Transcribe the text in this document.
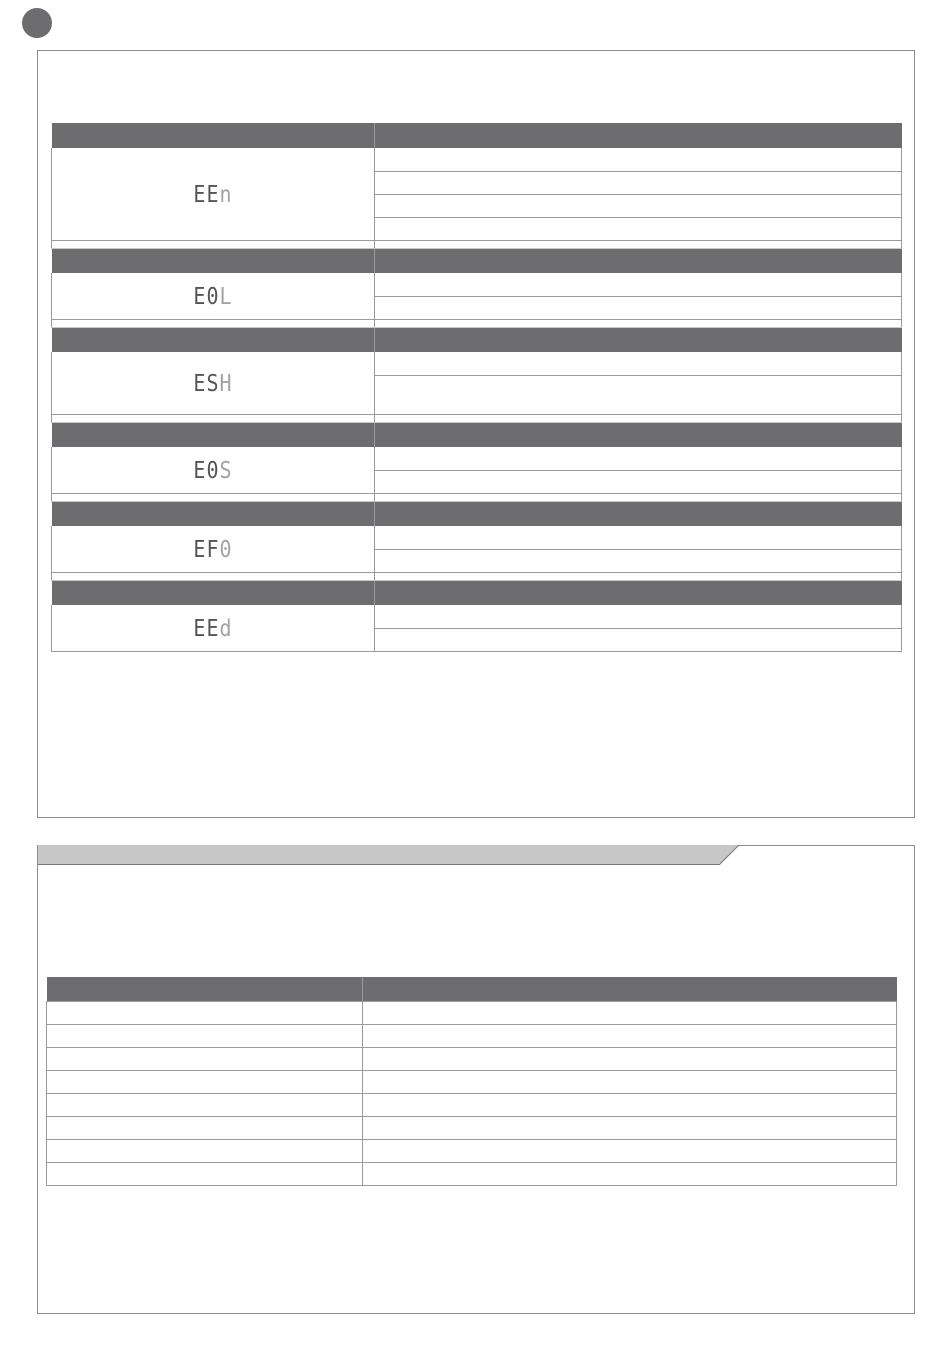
EEn	

E0L	

ESH	

E0S	

EF0	

EEd	
